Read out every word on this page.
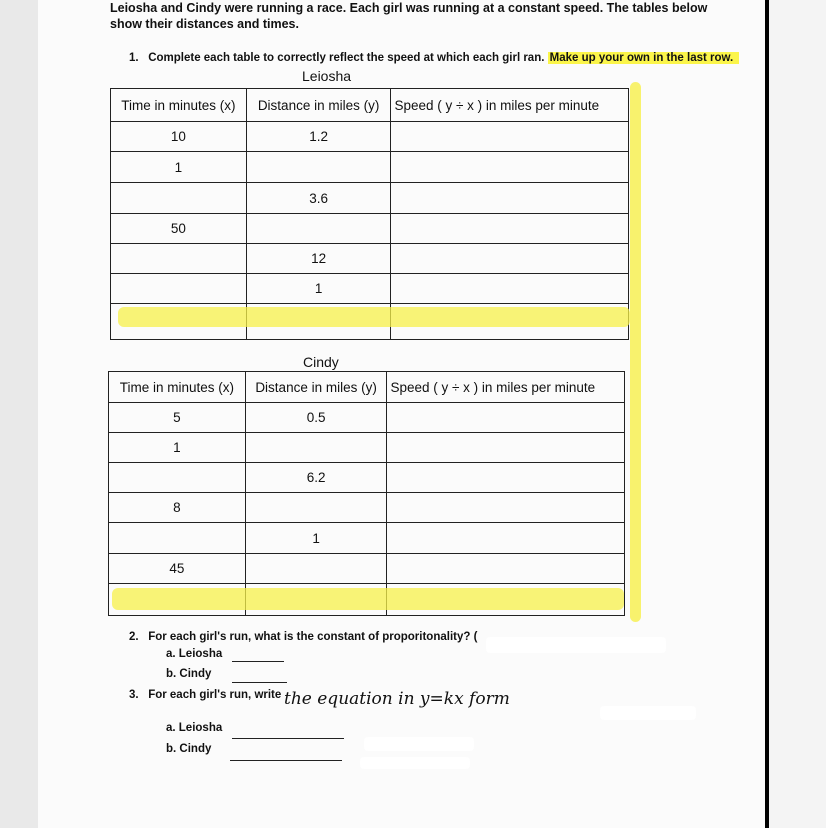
Leiosha and Cindy were running a race. Each girl was running at a constant speed. The tables below show their distances and times.
1. Complete each table to correctly reflect the speed at which each girl ran. Make up your own in the last row.
Leiosha
Time in minutes (x)	Distance in miles (y)	Speed ( y ÷ x ) in miles per minute
10	1.2	
1		
	3.6	
50		
	12	
	1	

Cindy
Time in minutes (x)	Distance in miles (y)	Speed ( y ÷ x ) in miles per minute
5	0.5	
1		
	6.2	
8		
	1	
45		

2. For each girl's run, what is the constant of proporitonality? (
a. Leiosha
b. Cindy
3. For each girl's run, write the equation in y=kx form
a. Leiosha
b. Cindy
